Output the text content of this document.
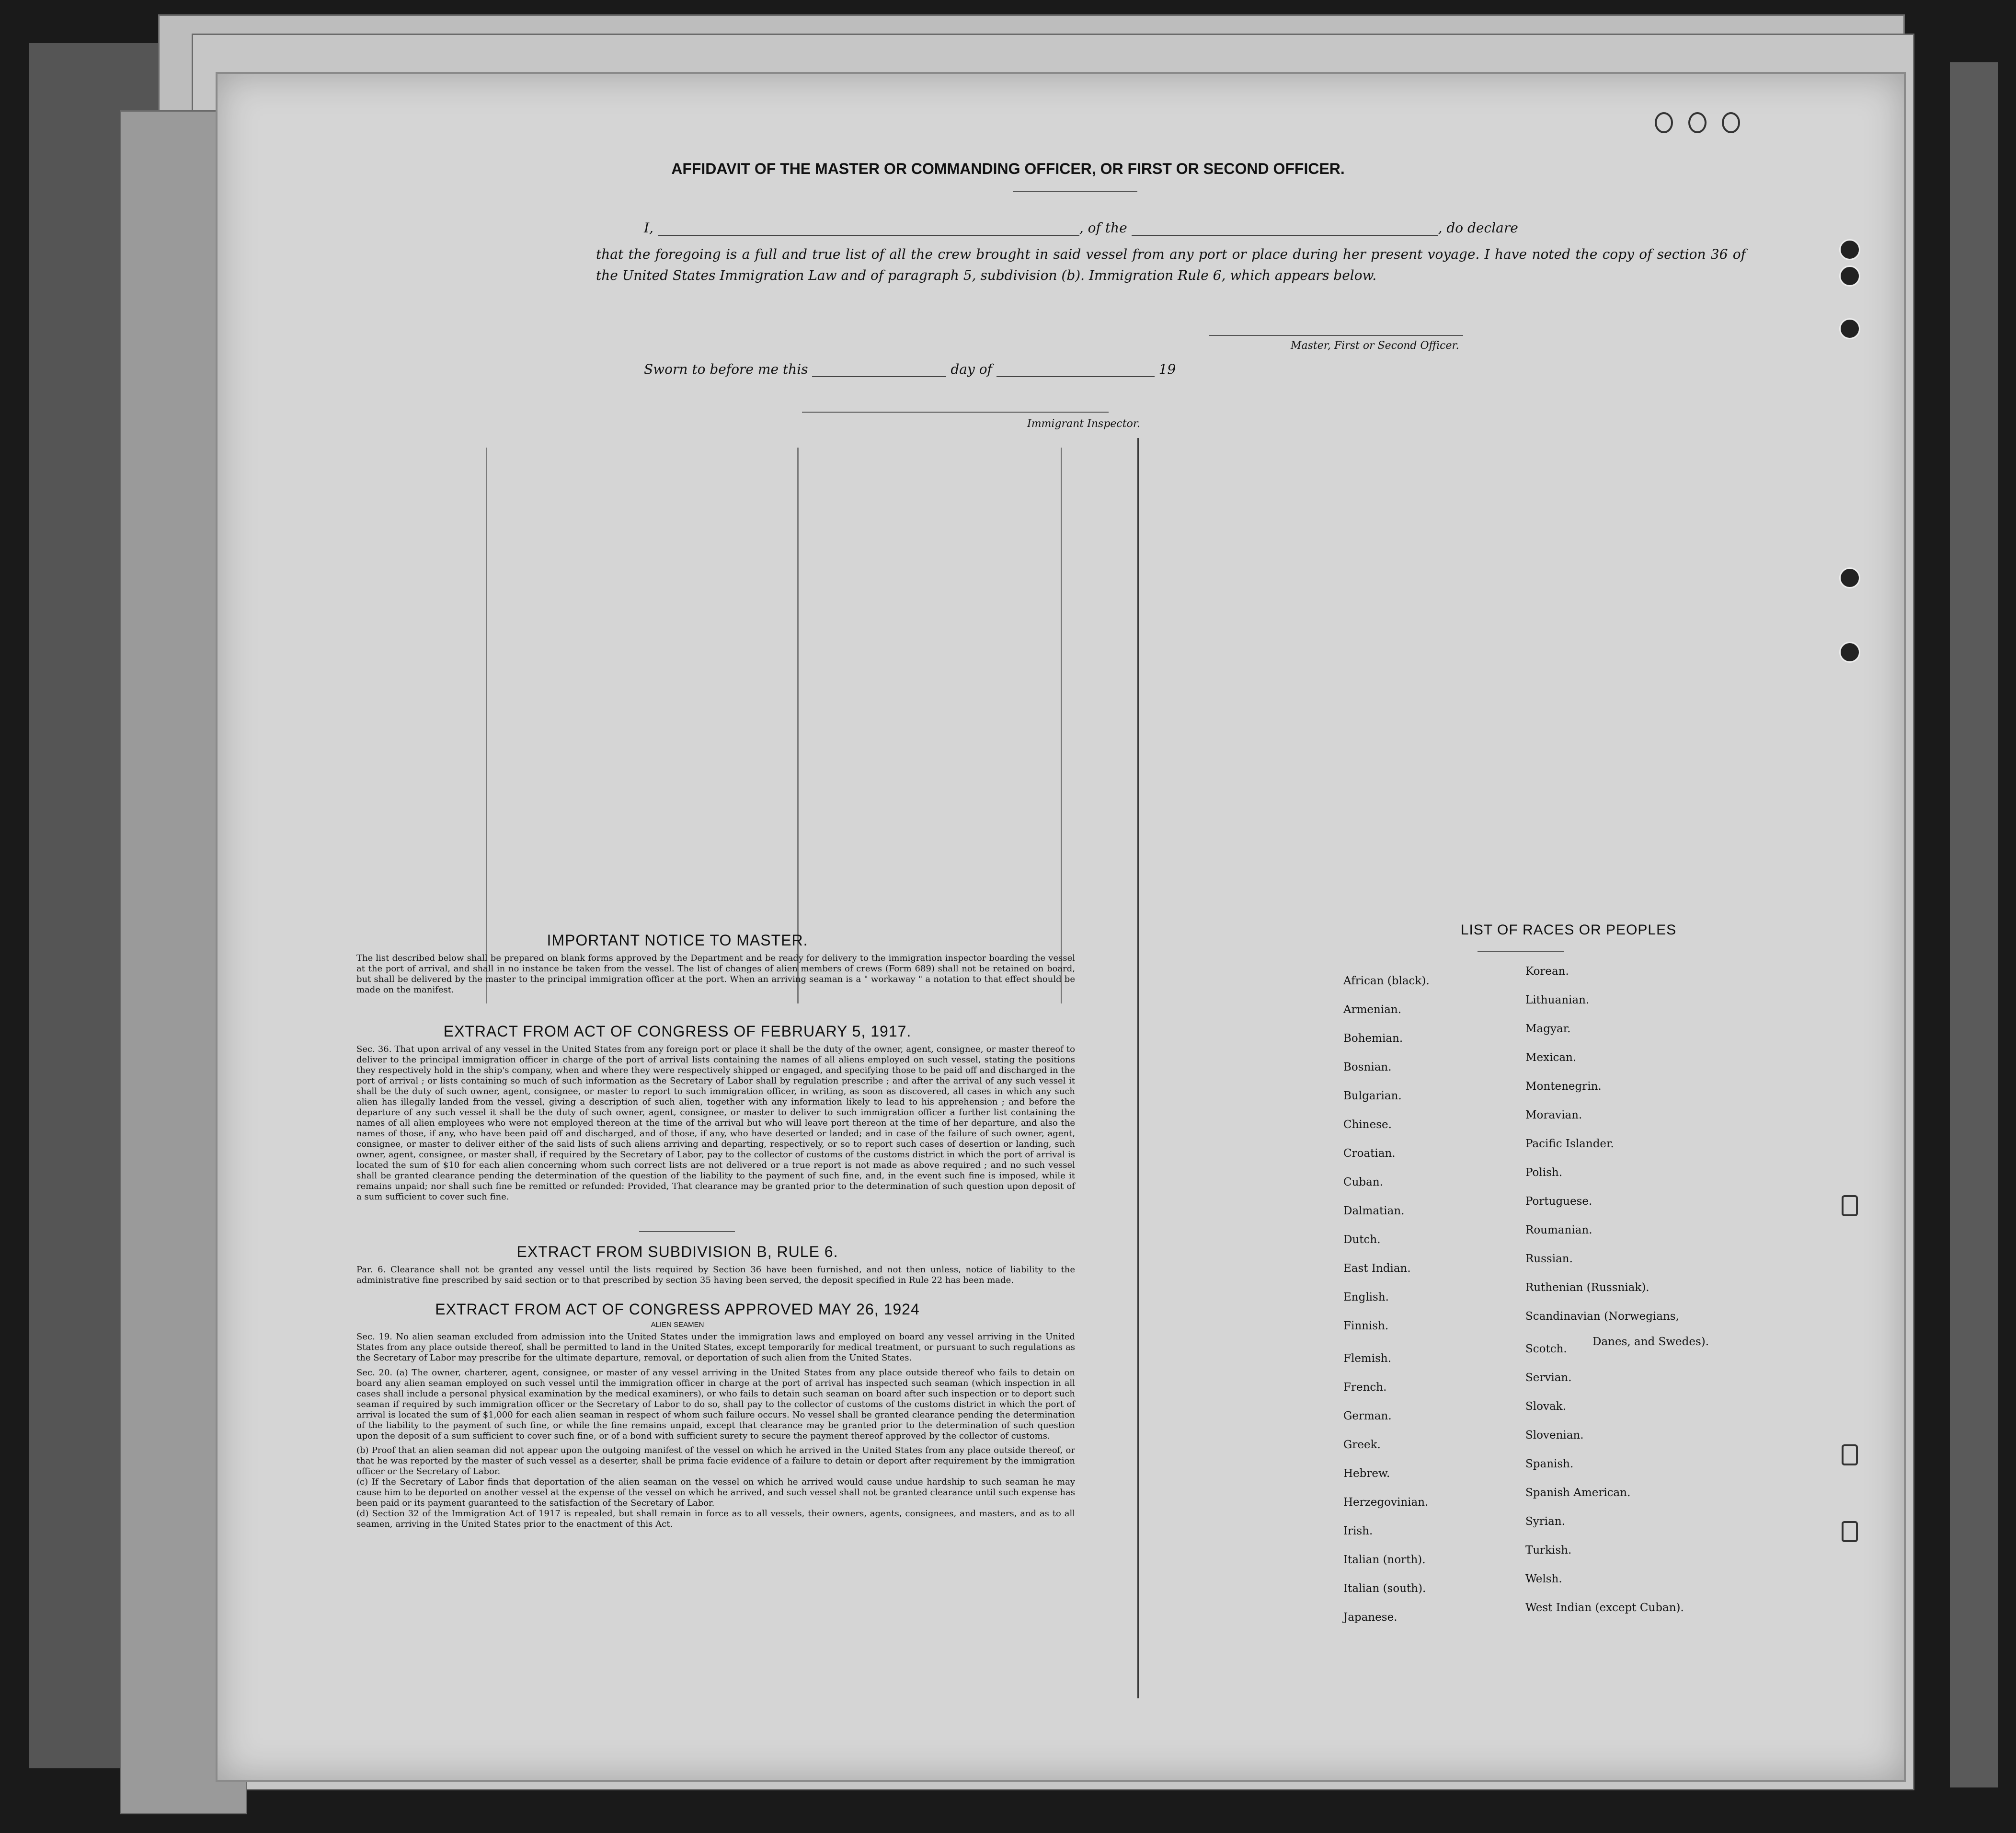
AFFIDAVIT OF THE MASTER OR COMMANDING OFFICER, OR FIRST OR SECOND OFFICER.
I,	, of the	, do declare
that the foregoing is a full and true list of all the crew brought in said vessel from any port or place during her present voyage. I have noted the copy of section 36 of the United States Immigration Law and of paragraph 5, subdivision (b). Immigration Rule 6, which appears below.
Master, First or Second Officer.
Sworn to before me this	day of	19
Immigrant Inspector.
IMPORTANT NOTICE TO MASTER.
The list described below shall be prepared on blank forms approved by the Department and be ready for delivery to the immigration inspector boarding the vessel at the port of arrival, and shall in no instance be taken from the vessel. The list of changes of alien members of crews (Form 689) shall not be retained on board, but shall be delivered by the master to the principal immigration officer at the port. When an arriving seaman is a " workaway " a notation to that effect should be made on the manifest.
EXTRACT FROM ACT OF CONGRESS OF FEBRUARY 5, 1917.
Sec. 36. That upon arrival of any vessel in the United States from any foreign port or place it shall be the duty of the owner, agent, consignee, or master thereof to deliver to the principal immigration officer in charge of the port of arrival lists containing the names of all aliens employed on such vessel, stating the positions they respectively hold in the ship's company, when and where they were respectively shipped or engaged, and specifying those to be paid off and discharged in the port of arrival ; or lists containing so much of such information as the Secretary of Labor shall by regulation prescribe ; and after the arrival of any such vessel it shall be the duty of such owner, agent, consignee, or master to report to such immigration officer, in writing, as soon as discovered, all cases in which any such alien has illegally landed from the vessel, giving a description of such alien, together with any information likely to lead to his apprehension ; and before the departure of any such vessel it shall be the duty of such owner, agent, consignee, or master to deliver to such immigration officer a further list containing the names of all alien employees who were not employed thereon at the time of the arrival but who will leave port thereon at the time of her departure, and also the names of those, if any, who have been paid off and discharged, and of those, if any, who have deserted or landed; and in case of the failure of such owner, agent, consignee, or master to deliver either of the said lists of such aliens arriving and departing, respectively, or so to report such cases of desertion or landing, such owner, agent, consignee, or master shall, if required by the Secretary of Labor, pay to the collector of customs of the customs district in which the port of arrival is located the sum of $10 for each alien concerning whom such correct lists are not delivered or a true report is not made as above required ; and no such vessel shall be granted clearance pending the determination of the question of the liability to the payment of such fine, and, in the event such fine is imposed, while it remains unpaid; nor shall such fine be remitted or refunded: Provided, That clearance may be granted prior to the determination of such question upon deposit of a sum sufficient to cover such fine.
EXTRACT FROM SUBDIVISION B, RULE 6.
Par. 6. Clearance shall not be granted any vessel until the lists required by Section 36 have been furnished, and not then unless, notice of liability to the administrative fine prescribed by said section or to that prescribed by section 35 having been served, the deposit specified in Rule 22 has been made.
EXTRACT FROM ACT OF CONGRESS APPROVED MAY 26, 1924
ALIEN SEAMEN
Sec. 19. No alien seaman excluded from admission into the United States under the immigration laws and employed on board any vessel arriving in the United States from any place outside thereof, shall be permitted to land in the United States, except temporarily for medical treatment, or pursuant to such regulations as the Secretary of Labor may prescribe for the ultimate departure, removal, or deportation of such alien from the United States.
Sec. 20. (a) The owner, charterer, agent, consignee, or master of any vessel arriving in the United States from any place outside thereof who fails to detain on board any alien seaman employed on such vessel until the immigration officer in charge at the port of arrival has inspected such seaman (which inspection in all cases shall include a personal physical examination by the medical examiners), or who fails to detain such seaman on board after such inspection or to deport such seaman if required by such immigration officer or the Secretary of Labor to do so, shall pay to the collector of customs of the customs district in which the port of arrival is located the sum of $1,000 for each alien seaman in respect of whom such failure occurs. No vessel shall be granted clearance pending the determination of the liability to the payment of such fine, or while the fine remains unpaid, except that clearance may be granted prior to the determination of such question upon the deposit of a sum sufficient to cover such fine, or of a bond with sufficient surety to secure the payment thereof approved by the collector of customs.
(b) Proof that an alien seaman did not appear upon the outgoing manifest of the vessel on which he arrived in the United States from any place outside thereof, or that he was reported by the master of such vessel as a deserter, shall be prima facie evidence of a failure to detain or deport after requirement by the immigration officer or the Secretary of Labor.
(c) If the Secretary of Labor finds that deportation of the alien seaman on the vessel on which he arrived would cause undue hardship to such seaman he may cause him to be deported on another vessel at the expense of the vessel on which he arrived, and such vessel shall not be granted clearance until such expense has been paid or its payment guaranteed to the satisfaction of the Secretary of Labor.
(d) Section 32 of the Immigration Act of 1917 is repealed, but shall remain in force as to all vessels, their owners, agents, consignees, and masters, and as to all seamen, arriving in the United States prior to the enactment of this Act.
LIST OF RACES OR PEOPLES
Danes, and Swedes).
African (black).
Armenian.
Bohemian.
Bosnian.
Bulgarian.
Chinese.
Croatian.
Cuban.
Dalmatian.
Dutch.
East Indian.
English.
Finnish.
Flemish.
French.
German.
Greek.
Hebrew.
Herzegovinian.
Irish.
Italian (north).
Italian (south).
Japanese.
Korean.
Lithuanian.
Magyar.
Mexican.
Montenegrin.
Moravian.
Pacific Islander.
Polish.
Portuguese.
Roumanian.
Russian.
Ruthenian (Russniak).
Scandinavian (Norwegians,
Scotch.
Servian.
Slovak.
Slovenian.
Spanish.
Spanish American.
Syrian.
Turkish.
Welsh.
West Indian (except Cuban).
